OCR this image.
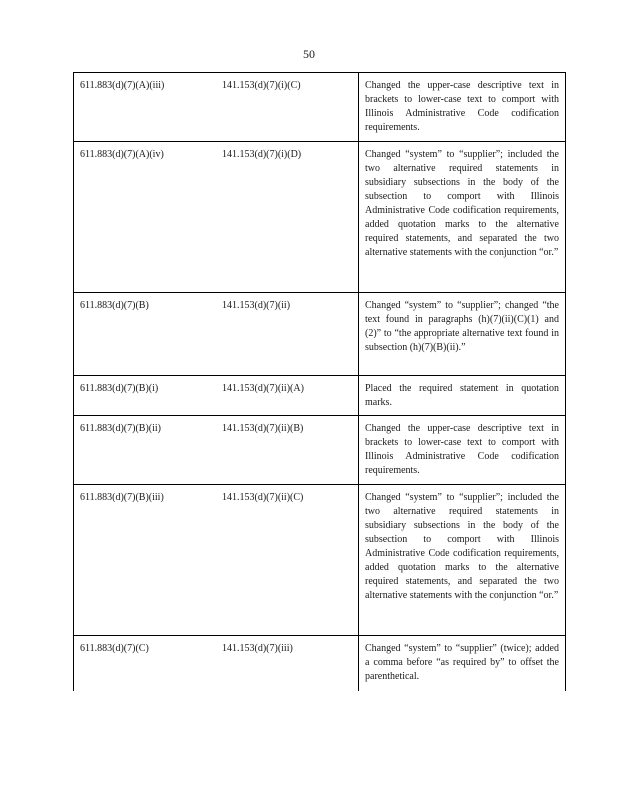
50
611.883(d)(7)(A)(iii)	141.153(d)(7)(i)(C)	Changed the upper-case descriptive text in brackets to lower-case text to comport with Illinois Administrative Code codification requirements.
611.883(d)(7)(A)(iv)	141.153(d)(7)(i)(D)	Changed “system” to “supplier”; included the two alternative required statements in subsidiary subsections in the body of the subsection to comport with Illinois Administrative Code codification requirements, added quotation marks to the alternative required statements, and separated the two alternative statements with the conjunction “or.”
611.883(d)(7)(B)	141.153(d)(7)(ii)	Changed “system” to “supplier”; changed “the text found in paragraphs (h)(7)(ii)(C)(1) and (2)” to “the appropriate alternative text found in subsection (h)(7)(B)(ii).”
611.883(d)(7)(B)(i)	141.153(d)(7)(ii)(A)	Placed the required statement in quotation marks.
611.883(d)(7)(B)(ii)	141.153(d)(7)(ii)(B)	Changed the upper-case descriptive text in brackets to lower-case text to comport with Illinois Administrative Code codification requirements.
611.883(d)(7)(B)(iii)	141.153(d)(7)(ii)(C)	Changed “system” to “supplier”; included the two alternative required statements in subsidiary subsections in the body of the subsection to comport with Illinois Administrative Code codification requirements, added quotation marks to the alternative required statements, and separated the two alternative statements with the conjunction “or.”
611.883(d)(7)(C)	141.153(d)(7)(iii)	Changed “system” to “supplier” (twice); added a comma before “as required by” to offset the parenthetical.
